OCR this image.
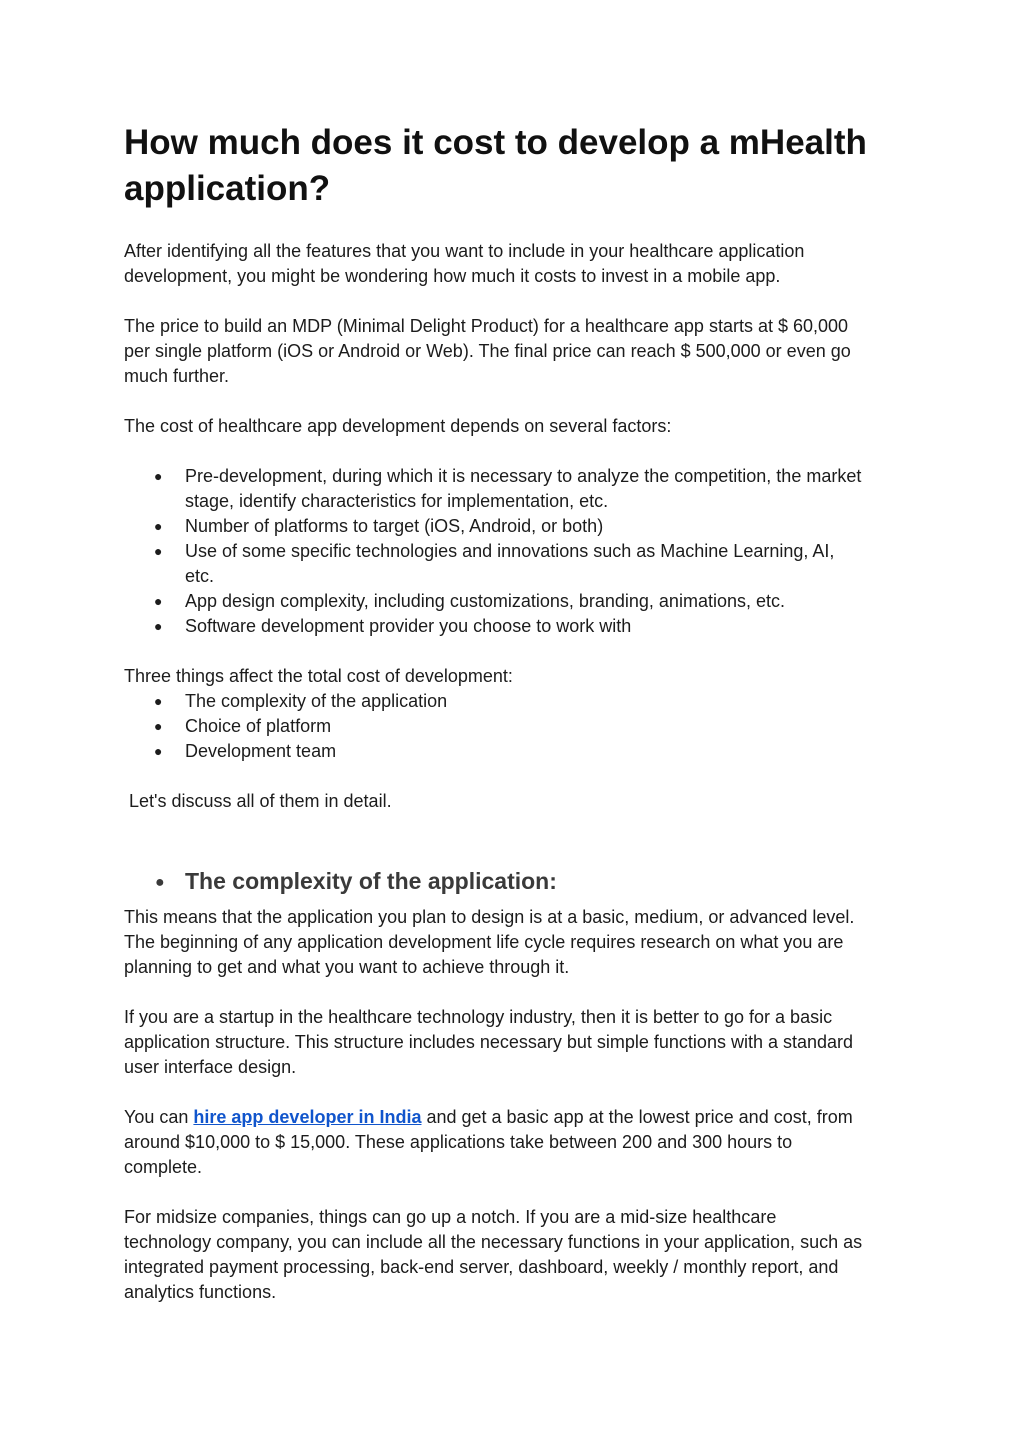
How much does it cost to develop a mHealth
application?

After identifying all the features that you want to include in your healthcare application
development, you might be wondering how much it costs to invest in a mobile app.

The price to build an MDP (Minimal Delight Product) for a healthcare app starts at $ 60,000
per single platform (iOS or Android or Web). The final price can reach $ 500,000 or even go
much further.

The cost of healthcare app development depends on several factors:

● Pre-development, during which it is necessary to analyze the competition, the market
stage, identify characteristics for implementation, etc.
● Number of platforms to target (iOS, Android, or both)
● Use of some specific technologies and innovations such as Machine Learning, AI,
etc.
● App design complexity, including customizations, branding, animations, etc.
● Software development provider you choose to work with

Three things affect the total cost of development:

● The complexity of the application
● Choice of platform
● Development team

Let's discuss all of them in detail.

● The complexity of the application:

This means that the application you plan to design is at a basic, medium, or advanced level.
The beginning of any application development life cycle requires research on what you are
planning to get and what you want to achieve through it.

If you are a startup in the healthcare technology industry, then it is better to go for a basic
application structure. This structure includes necessary but simple functions with a standard
user interface design.

You can hire app developer in India and get a basic app at the lowest price and cost, from
around $10,000 to $ 15,000. These applications take between 200 and 300 hours to
complete.

For midsize companies, things can go up a notch. If you are a mid-size healthcare
technology company, you can include all the necessary functions in your application, such as
integrated payment processing, back-end server, dashboard, weekly / monthly report, and
analytics functions.
